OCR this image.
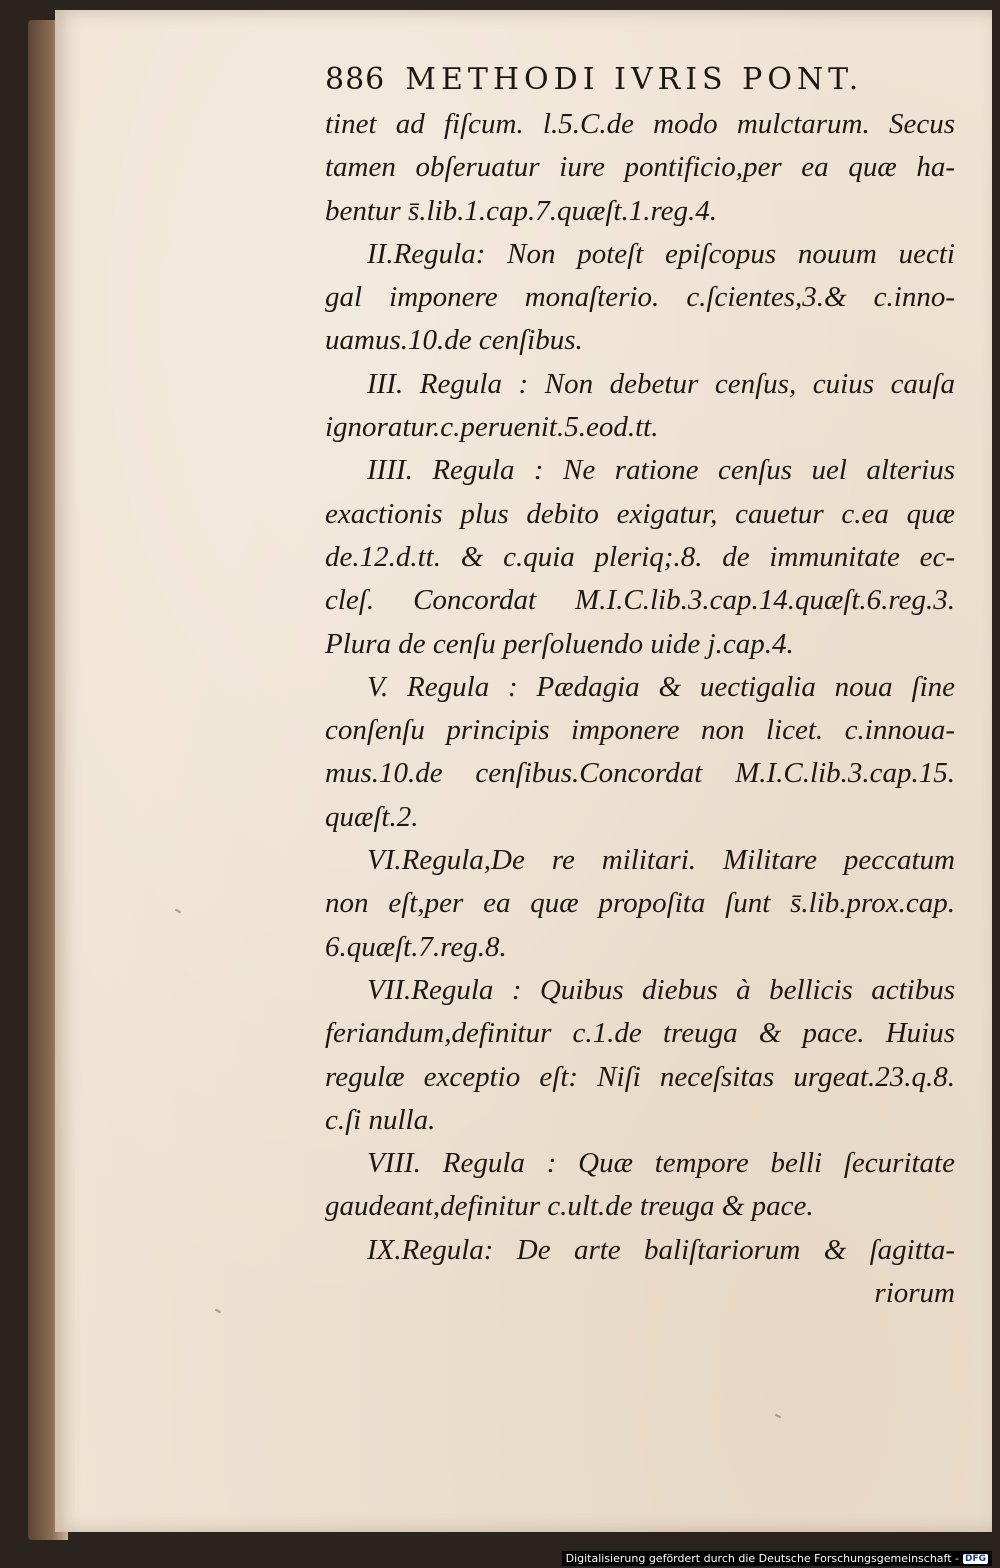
886 METHODI IVRIS PONT.
tinet ad fiſcum. l.5.C.de modo mulctarum. Secus
tamen obſeruatur iure pontificio,per ea quæ ha-
bentur s̄.lib.1.cap.7.quæſt.1.reg.4.
II.Regula: Non poteſt epiſcopus nouum uecti
gal imponere monaſterio. c.ſcientes,3.& c.inno-
uamus.10.de cenſibus.
III. Regula : Non debetur cenſus, cuius cauſa
ignoratur.c.peruenit.5.eod.tt.
IIII. Regula : Ne ratione cenſus uel alterius
exactionis plus debito exigatur, cauetur c.ea quæ
de.12.d.tt. & c.quia pleriq;.8. de immunitate ec-
cleſ. Concordat M.I.C.lib.3.cap.14.quæſt.6.reg.3.
Plura de cenſu perſoluendo uide j.cap.4.
V. Regula : Pædagia & uectigalia noua ſine
conſenſu principis imponere non licet. c.innoua-
mus.10.de cenſibus.Concordat M.I.C.lib.3.cap.15.
quæſt.2.
VI.Regula,De re militari. Militare peccatum
non eſt,per ea quæ propoſita ſunt s̄.lib.prox.cap.
6.quæſt.7.reg.8.
VII.Regula : Quibus diebus à bellicis actibus
feriandum,definitur c.1.de treuga & pace. Huius
regulæ exceptio eſt: Niſi neceſsitas urgeat.23.q.8.
c.ſi nulla.
VIII. Regula : Quæ tempore belli ſecuritate
gaudeant,definitur c.ult.de treuga & pace.
IX.Regula: De arte baliſtariorum & ſagitta-
riorum
Digitalisierung gefördert durch die Deutsche Forschungsgemeinschaft - DFG
